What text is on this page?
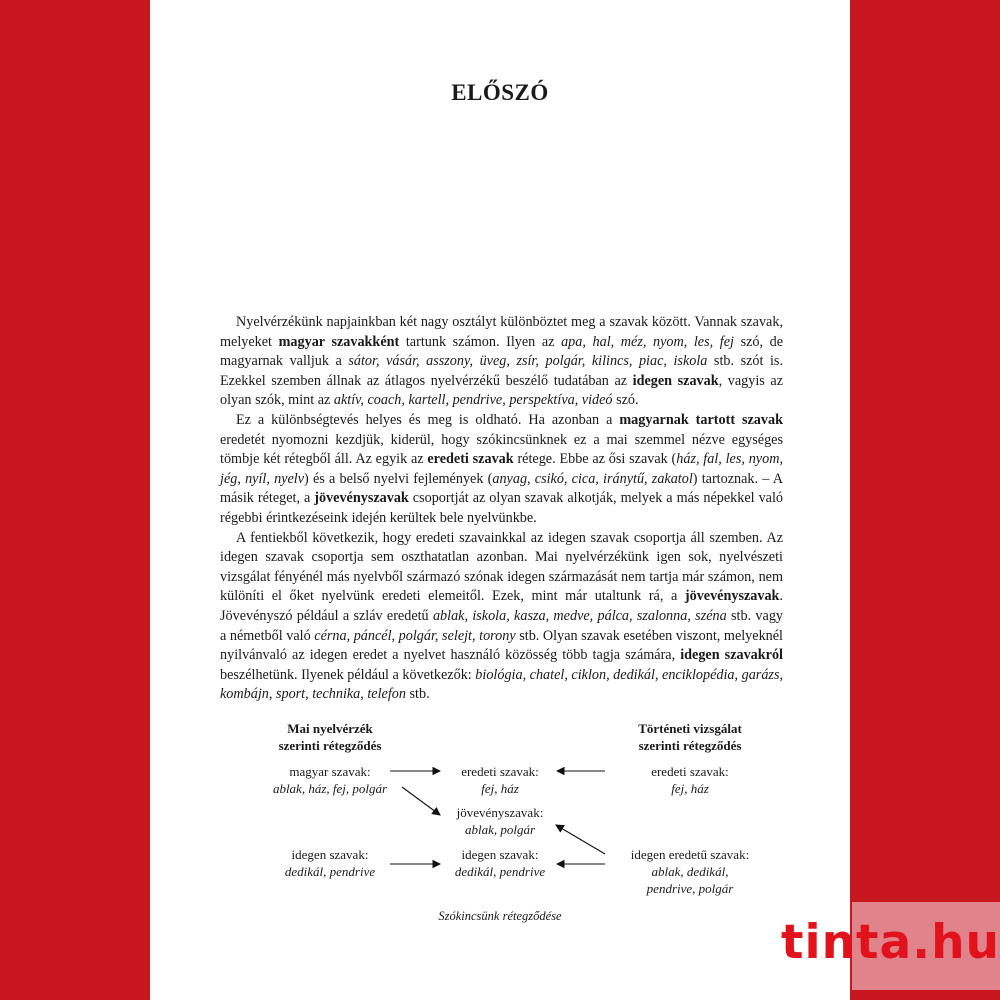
ELŐSZÓ

Nyelvérzékünk napjainkban két nagy osztályt különböztet meg a szavak között. Vannak szavak, melyeket magyar szavakként tartunk számon. Ilyen az apa, hal, méz, nyom, les, fej szó, de magyarnak valljuk a sátor, vásár, asszony, üveg, zsír, polgár, kilincs, piac, iskola stb. szót is. Ezekkel szemben állnak az átlagos nyelvérzékű beszélő tudatában az idegen szavak, vagyis az olyan szók, mint az aktív, coach, kartell, pendrive, perspektíva, videó szó.

Ez a különbségtevés helyes és meg is oldható. Ha azonban a magyarnak tartott szavak eredetét nyomozni kezdjük, kiderül, hogy szókincsünknek ez a mai szemmel nézve egységes tömbje két rétegből áll. Az egyik az eredeti szavak rétege. Ebbe az ősi szavak (ház, fal, les, nyom, jég, nyíl, nyelv) és a belső nyelvi fejlemények (anyag, csikó, cica, iránytű, zakatol) tartoznak. – A másik réteget, a jövevényszavak csoportját az olyan szavak alkotják, melyek a más népekkel való régebbi érintkezéseink idején kerültek bele nyelvünkbe.

A fentiekből következik, hogy eredeti szavainkkal az idegen szavak csoportja áll szemben. Az idegen szavak csoportja sem oszthatatlan azonban. Mai nyelvérzékünk igen sok, nyelvészeti vizsgálat fényénél más nyelvből származó szónak idegen származását nem tartja már számon, nem különíti el őket nyelvünk eredeti elemeitől. Ezek, mint már utaltunk rá, a jövevényszavak. Jövevényszó például a szláv eredetű ablak, iskola, kasza, medve, pálca, szalonna, széna stb. vagy a németből való cérna, páncél, polgár, selejt, torony stb. Olyan szavak esetében viszont, melyeknél nyilvánvaló az idegen eredet a nyelvet használó közösség több tagja számára, idegen szavakról beszélhetünk. Ilyenek például a következők: biológia, chatel, ciklon, dedikál, enciklopédia, garázs, kombájn, sport, technika, telefon stb.

Mai nyelvérzék
szerinti rétegződés
Történeti vizsgálat
szerinti rétegződés
magyar szavak:
ablak, ház, fej, polgár
idegen szavak:
dedikál, pendrive
eredeti szavak:
fej, ház
jövevényszavak:
ablak, polgár
idegen szavak:
dedikál, pendrive
eredeti szavak:
fej, ház
idegen eredetű szavak:
ablak, dedikál,
pendrive, polgár
Szókincsünk rétegződése	tinta.hu
